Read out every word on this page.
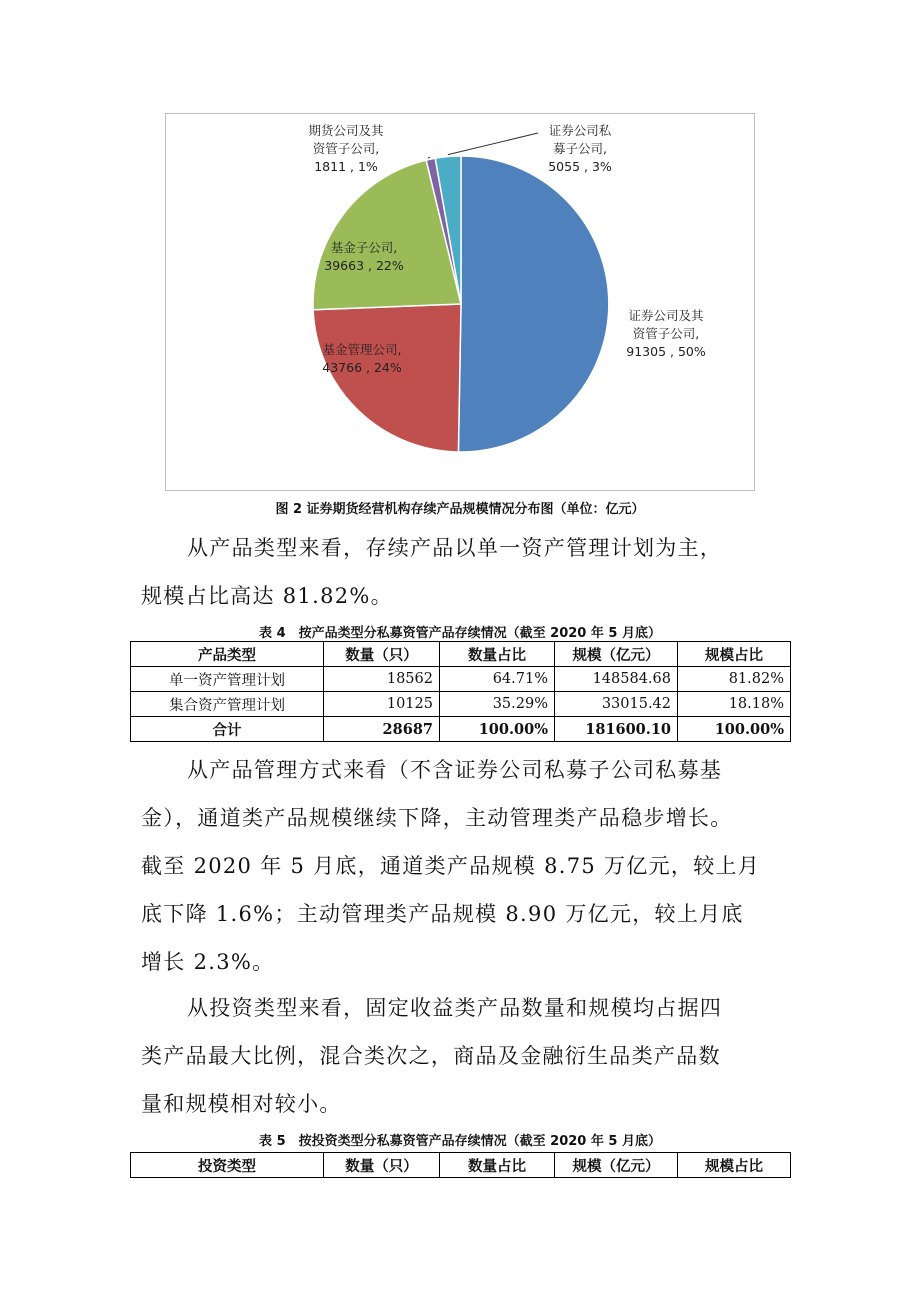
证券公司及其资管子公司, 91305 , 50%
基金管理公司, 43766 , 24%
基金子公司, 39663 , 22%
期货公司及其资管子公司, 1811 , 1%
证券公司私募子公司, 5055 , 3%
图 2 证券期货经营机构存续产品规模情况分布图（单位：亿元）

从产品类型来看，存续产品以单一资产管理计划为主，
规模占比高达 81.82%。

表 4　按产品类型分私募资管产品存续情况（截至 2020 年 5 月底）
产品类型	数量（只）	数量占比	规模（亿元）	规模占比
单一资产管理计划	18562	64.71%	148584.68	81.82%
集合资产管理计划	10125	35.29%	33015.42	18.18%
合计	28687	100.00%	181600.10	100.00%

从产品管理方式来看（不含证券公司私募子公司私募基
金），通道类产品规模继续下降，主动管理类产品稳步增长。
截至 2020 年 5 月底，通道类产品规模 8.75 万亿元，较上月
底下降 1.6%；主动管理类产品规模 8.90 万亿元，较上月底
增长 2.3%。

从投资类型来看，固定收益类产品数量和规模均占据四
类产品最大比例，混合类次之，商品及金融衍生品类产品数
量和规模相对较小。

表 5　按投资类型分私募资管产品存续情况（截至 2020 年 5 月底）
投资类型	数量（只）	数量占比	规模（亿元）	规模占比
